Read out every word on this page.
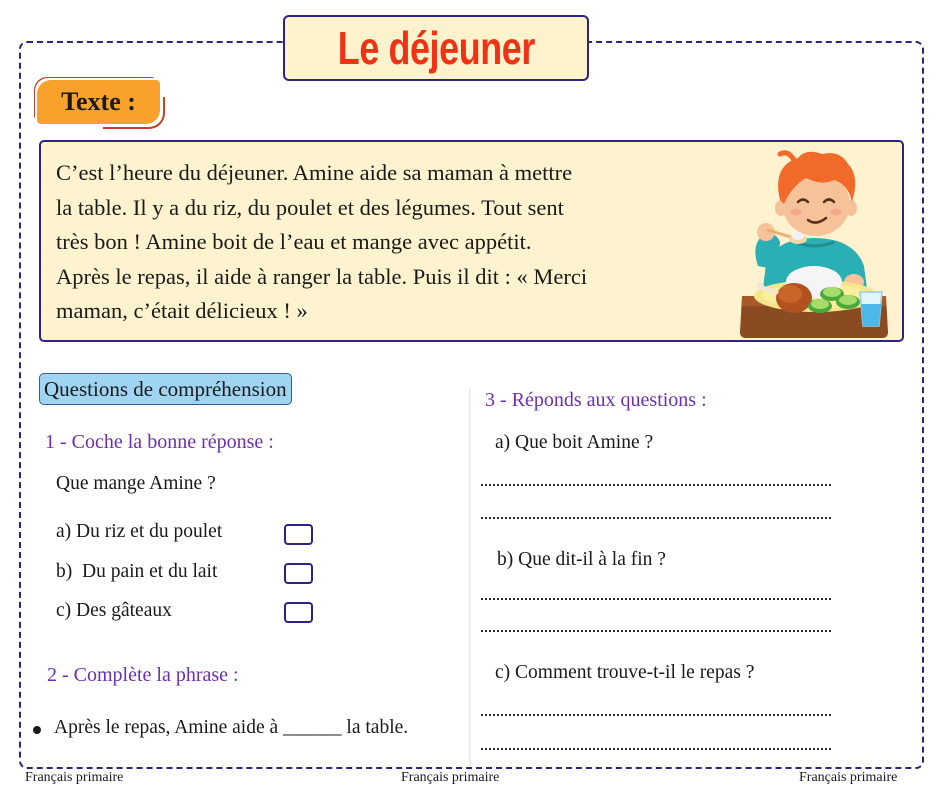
Le déjeuner
Texte :
C’est l’heure du déjeuner. Amine aide sa maman à mettre
la table. Il y a du riz, du poulet et des légumes. Tout sent
très bon ! Amine boit de l’eau et mange avec appétit.
Après le repas, il aide à ranger la table. Puis il dit : « Merci
maman, c’était délicieux ! »
Questions de compréhension
1 - Coche la bonne réponse :
Que mange Amine ?
a) Du riz et du poulet
b)  Du pain et du lait
c) Des gâteaux
2 - Complète la phrase :
Après le repas, Amine aide à ______ la table.
3 - Réponds aux questions :
a) Que boit Amine ?
b) Que dit-il à la fin ?
c) Comment trouve-t-il le repas ?
Français primaire	Français primaire	Français primaire
